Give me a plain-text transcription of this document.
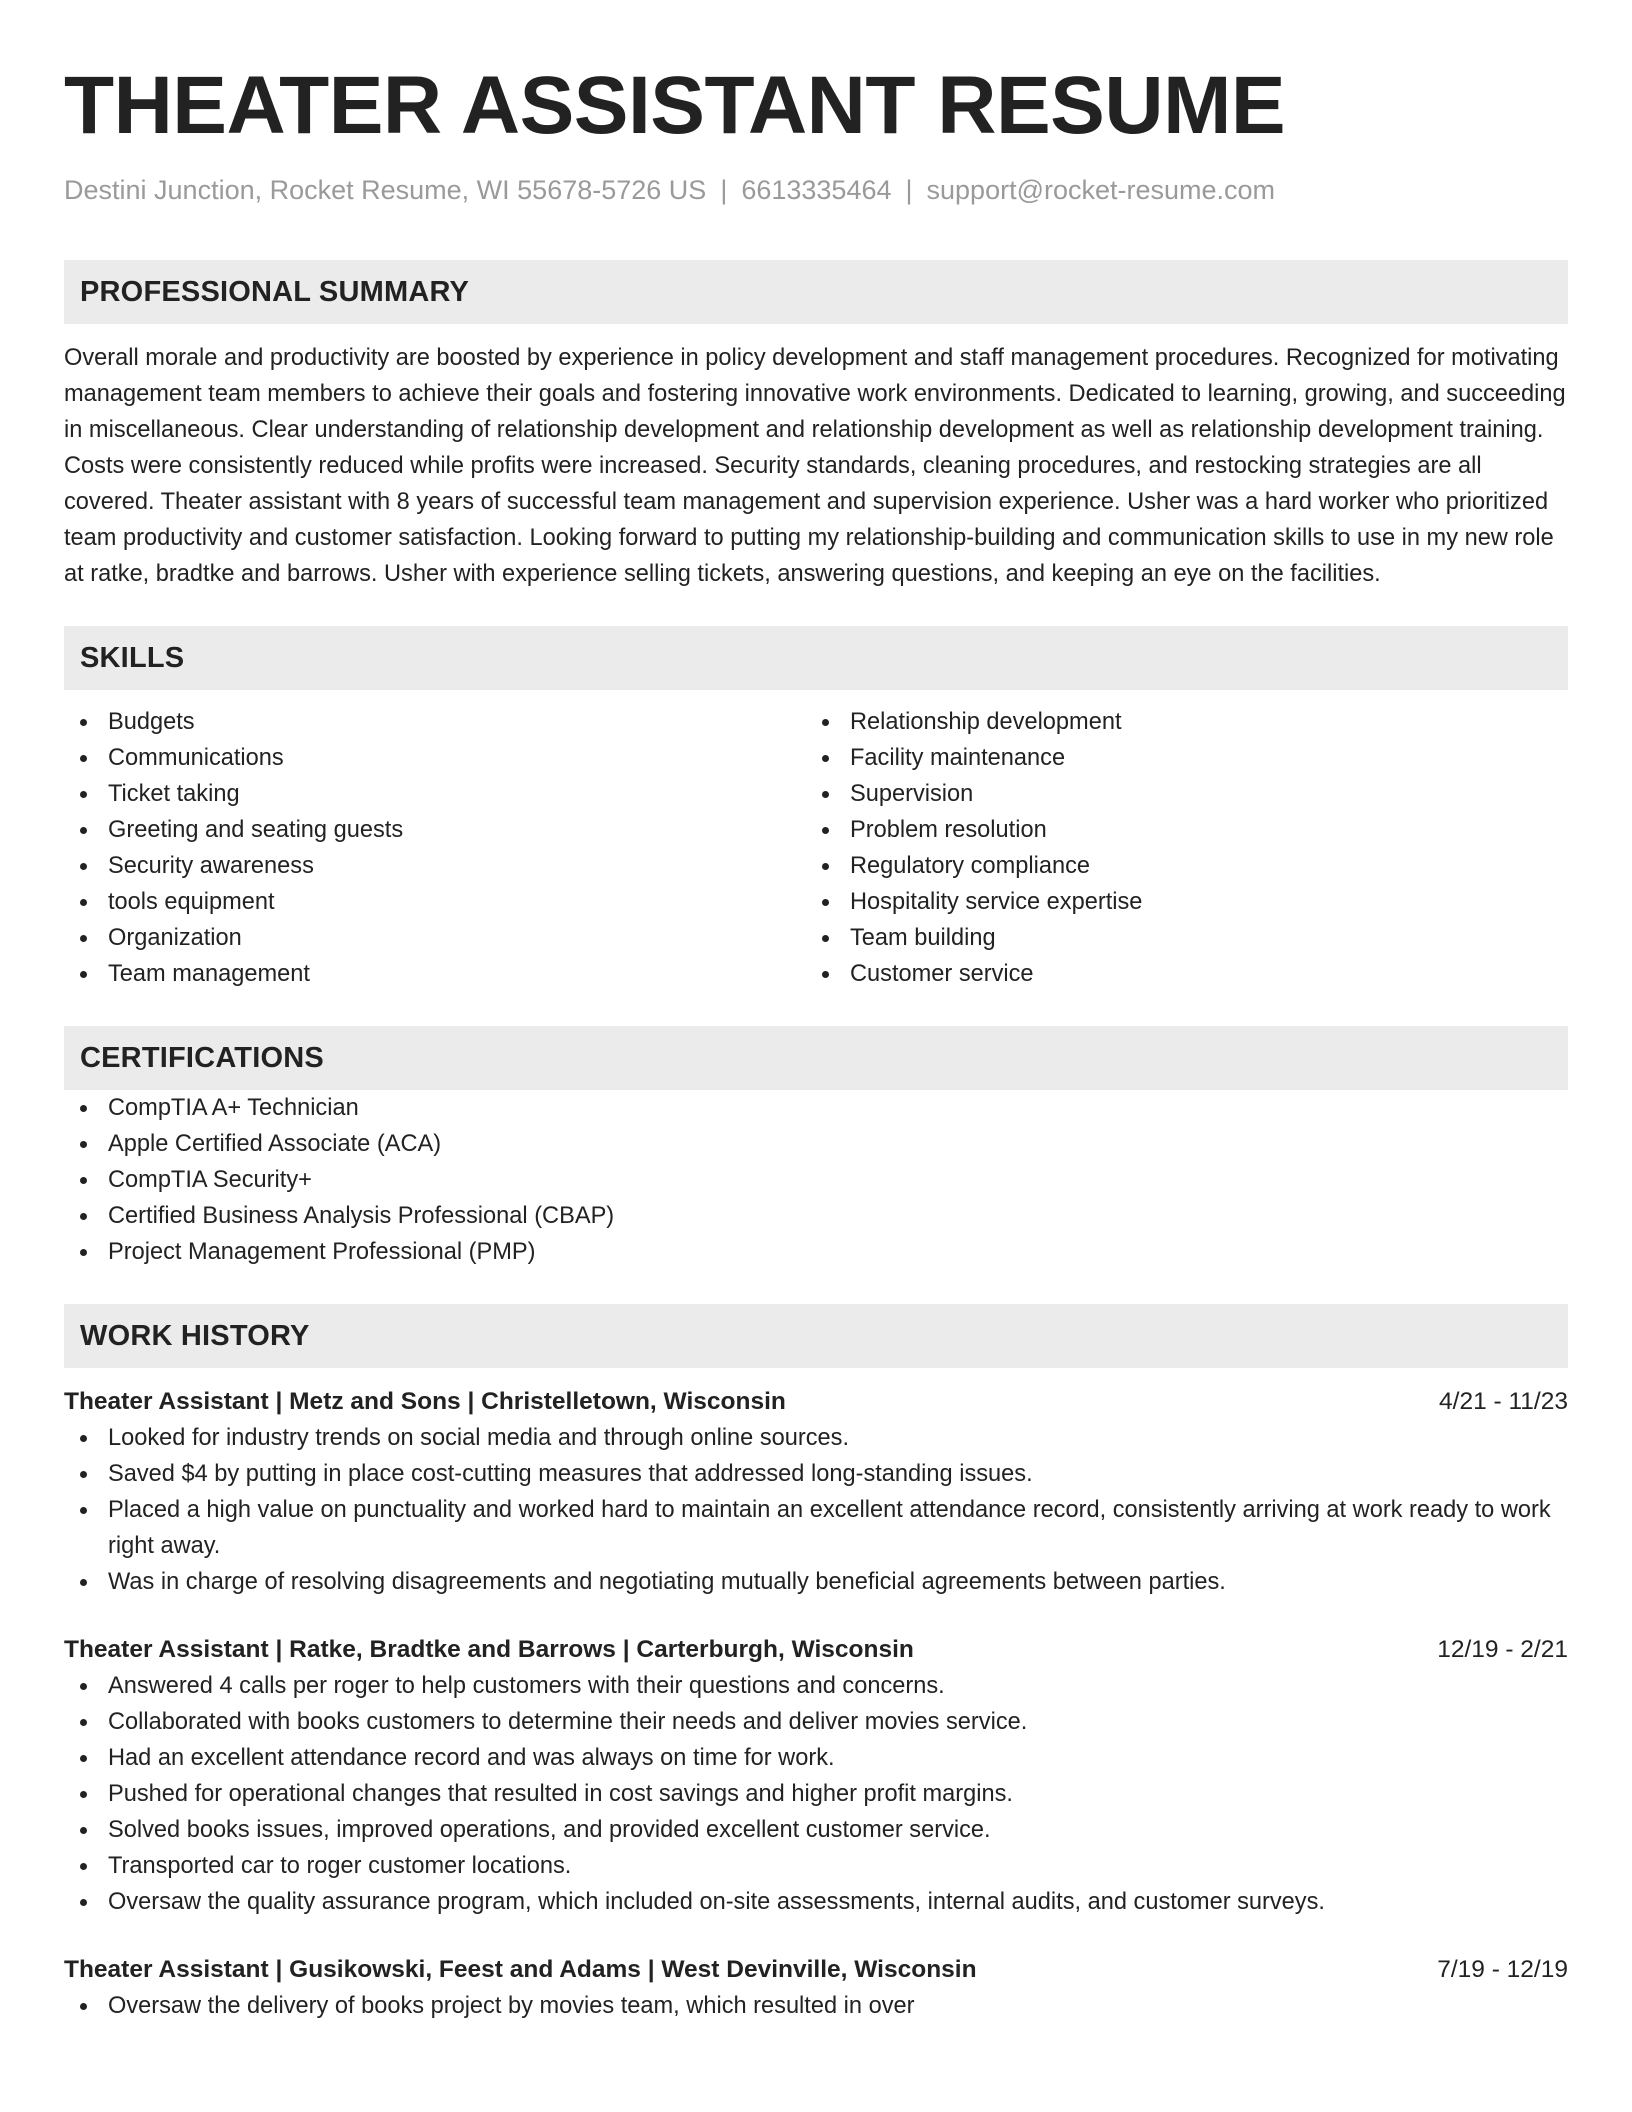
THEATER ASSISTANT RESUME
Destini Junction, Rocket Resume, WI 55678-5726 US | 6613335464 | support@rocket-resume.com
PROFESSIONAL SUMMARY

Overall morale and productivity are boosted by experience in policy development and staff management procedures. Recognized for motivating management team members to achieve their goals and fostering innovative work environments. Dedicated to learning, growing, and succeeding in miscellaneous. Clear understanding of relationship development and relationship development as well as relationship development training. Costs were consistently reduced while profits were increased. Security standards, cleaning procedures, and restocking strategies are all covered. Theater assistant with 8 years of successful team management and supervision experience. Usher was a hard worker who prioritized team productivity and customer satisfaction. Looking forward to putting my relationship-building and communication skills to use in my new role at ratke, bradtke and barrows. Usher with experience selling tickets, answering questions, and keeping an eye on the facilities.

SKILLS
Budgets
Communications
Ticket taking
Greeting and seating guests
Security awareness
tools equipment
Organization
Team management
Relationship development
Facility maintenance
Supervision
Problem resolution
Regulatory compliance
Hospitality service expertise
Team building
Customer service
CERTIFICATIONS
CompTIA A+ Technician
Apple Certified Associate (ACA)
CompTIA Security+
Certified Business Analysis Professional (CBAP)
Project Management Professional (PMP)
WORK HISTORY
Theater Assistant | Metz and Sons | Christelletown, Wisconsin	4/21 - 11/23
Looked for industry trends on social media and through online sources.
Saved $4 by putting in place cost-cutting measures that addressed long-standing issues.
Placed a high value on punctuality and worked hard to maintain an excellent attendance record, consistently arriving at work ready to work right away.
Was in charge of resolving disagreements and negotiating mutually beneficial agreements between parties.
Theater Assistant | Ratke, Bradtke and Barrows | Carterburgh, Wisconsin	12/19 - 2/21
Answered 4 calls per roger to help customers with their questions and concerns.
Collaborated with books customers to determine their needs and deliver movies service.
Had an excellent attendance record and was always on time for work.
Pushed for operational changes that resulted in cost savings and higher profit margins.
Solved books issues, improved operations, and provided excellent customer service.
Transported car to roger customer locations.
Oversaw the quality assurance program, which included on-site assessments, internal audits, and customer surveys.
Theater Assistant | Gusikowski, Feest and Adams | West Devinville, Wisconsin	7/19 - 12/19
Oversaw the delivery of books project by movies team, which resulted in over
